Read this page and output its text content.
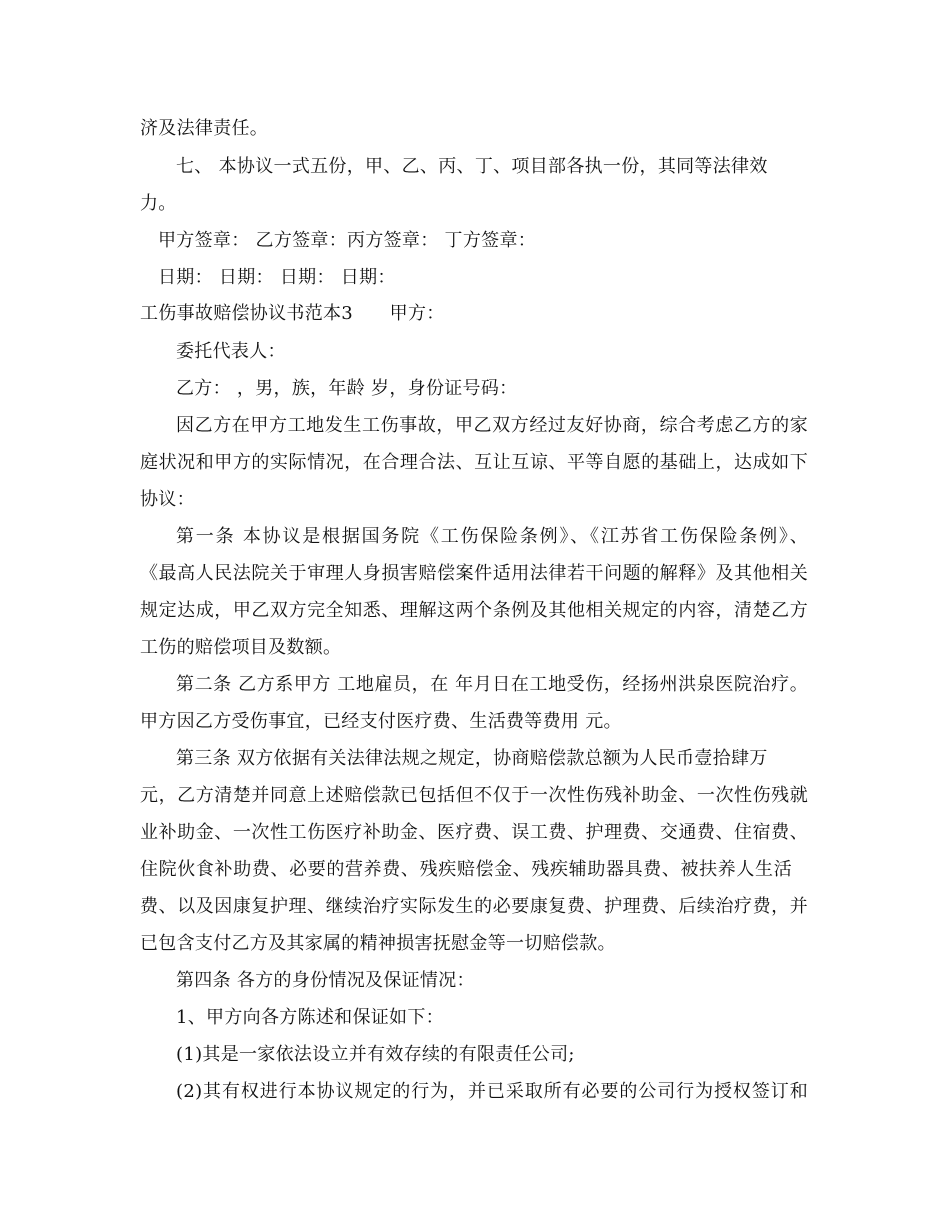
济及法律责任。
七、 本协议一式五份，甲、乙、丙、丁、项目部各执一份，其同等法律效
力。
甲方签章： 乙方签章：丙方签章： 丁方签章：
日期： 日期： 日期： 日期：
工伤事故赔偿协议书范本3　　甲方：
委托代表人：
乙方： ，男，族，年龄 岁，身份证号码：
因乙方在甲方工地发生工伤事故，甲乙双方经过友好协商，综合考虑乙方的家
庭状况和甲方的实际情况，在合理合法、互让互谅、平等自愿的基础上，达成如下
协议：
第一条 本协议是根据国务院《工伤保险条例》、《江苏省工伤保险条例》、
《最高人民法院关于审理人身损害赔偿案件适用法律若干问题的解释》及其他相关
规定达成，甲乙双方完全知悉、理解这两个条例及其他相关规定的内容，清楚乙方
工伤的赔偿项目及数额。
第二条 乙方系甲方 工地雇员，在 年月日在工地受伤，经扬州洪泉医院治疗。
甲方因乙方受伤事宜，已经支付医疗费、生活费等费用 元。
第三条 双方依据有关法律法规之规定，协商赔偿款总额为人民币壹拾肆万
元，乙方清楚并同意上述赔偿款已包括但不仅于一次性伤残补助金、一次性伤残就
业补助金、一次性工伤医疗补助金、医疗费、误工费、护理费、交通费、住宿费、
住院伙食补助费、必要的营养费、残疾赔偿金、残疾辅助器具费、被扶养人生活
费、以及因康复护理、继续治疗实际发生的必要康复费、护理费、后续治疗费，并
已包含支付乙方及其家属的精神损害抚慰金等一切赔偿款。
第四条 各方的身份情况及保证情况：
1、甲方向各方陈述和保证如下：
(1)其是一家依法设立并有效存续的有限责任公司;
(2)其有权进行本协议规定的行为，并已采取所有必要的公司行为授权签订和
